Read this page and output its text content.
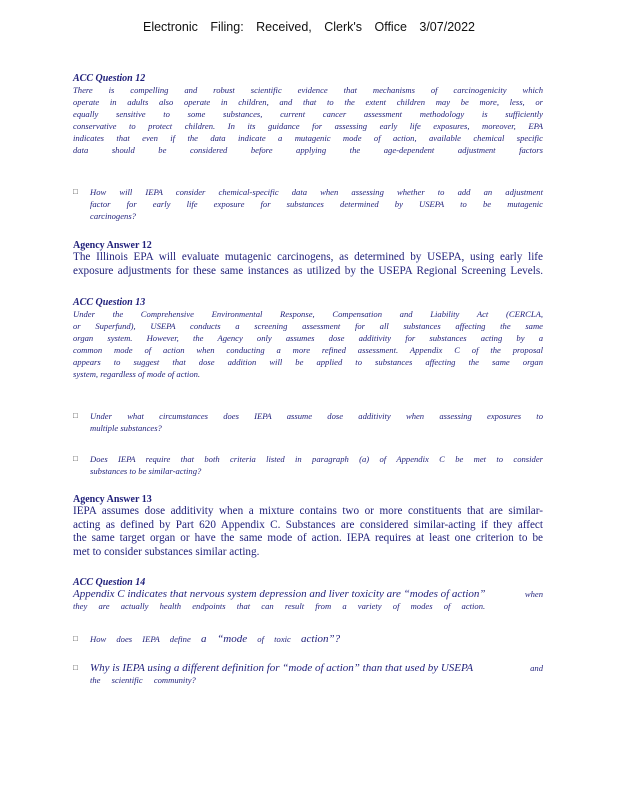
Electronic Filing: Received, Clerk's Office 3/07/2022
ACC Question 12
There is compelling and robust scientific evidence that mechanisms of carcinogenicity which
operate in adults also operate in children, and that to the extent children may be more, less, or
equally sensitive to some substances, current cancer assessment methodology is sufficiently
conservative to protect children. In its guidance for assessing early life exposures, moreover, EPA
indicates that even if the data indicate a mutagenic mode of action, available chemical specific
data should be considered before applying the age-dependent adjustment factors
□ How will IEPA consider chemical-specific data when assessing whether to add an adjustment
factor for early life exposure for substances determined by USEPA to be mutagenic
carcinogens?
Agency Answer 12
The Illinois EPA will evaluate mutagenic carcinogens, as determined by USEPA, using early life
exposure adjustments for these same instances as utilized by the USEPA Regional Screening Levels.
ACC Question 13
Under the Comprehensive Environmental Response, Compensation and Liability Act (CERCLA,
or Superfund), USEPA conducts a screening assessment for all substances affecting the same
organ system. However, the Agency only assumes dose additivity for substances acting by a
common mode of action when conducting a more refined assessment. Appendix C of the proposal
appears to suggest that dose addition will be applied to substances affecting the same organ
system, regardless of mode of action.
□ Under what circumstances does IEPA assume dose additivity when assessing exposures to
multiple substances?
□ Does IEPA require that both criteria listed in paragraph (a) of Appendix C be met to consider
substances to be similar-acting?
Agency Answer 13
IEPA assumes dose additivity when a mixture contains two or more constituents that are similar-
acting as defined by Part 620 Appendix C. Substances are considered similar-acting if they affect
the same target organ or have the same mode of action. IEPA requires at least one criterion to be
met to consider substances similar acting.
ACC Question 14
Appendix C indicates that nervous system depression and liver toxicity are “modes of action”	when
they are actually health endpoints that can result from a variety of modes of action.
□ How does IEPA define a “mode of toxic action”?
□ Why is IEPA using a different definition for “mode of action” than that used by USEPA	and
the scientific community?
